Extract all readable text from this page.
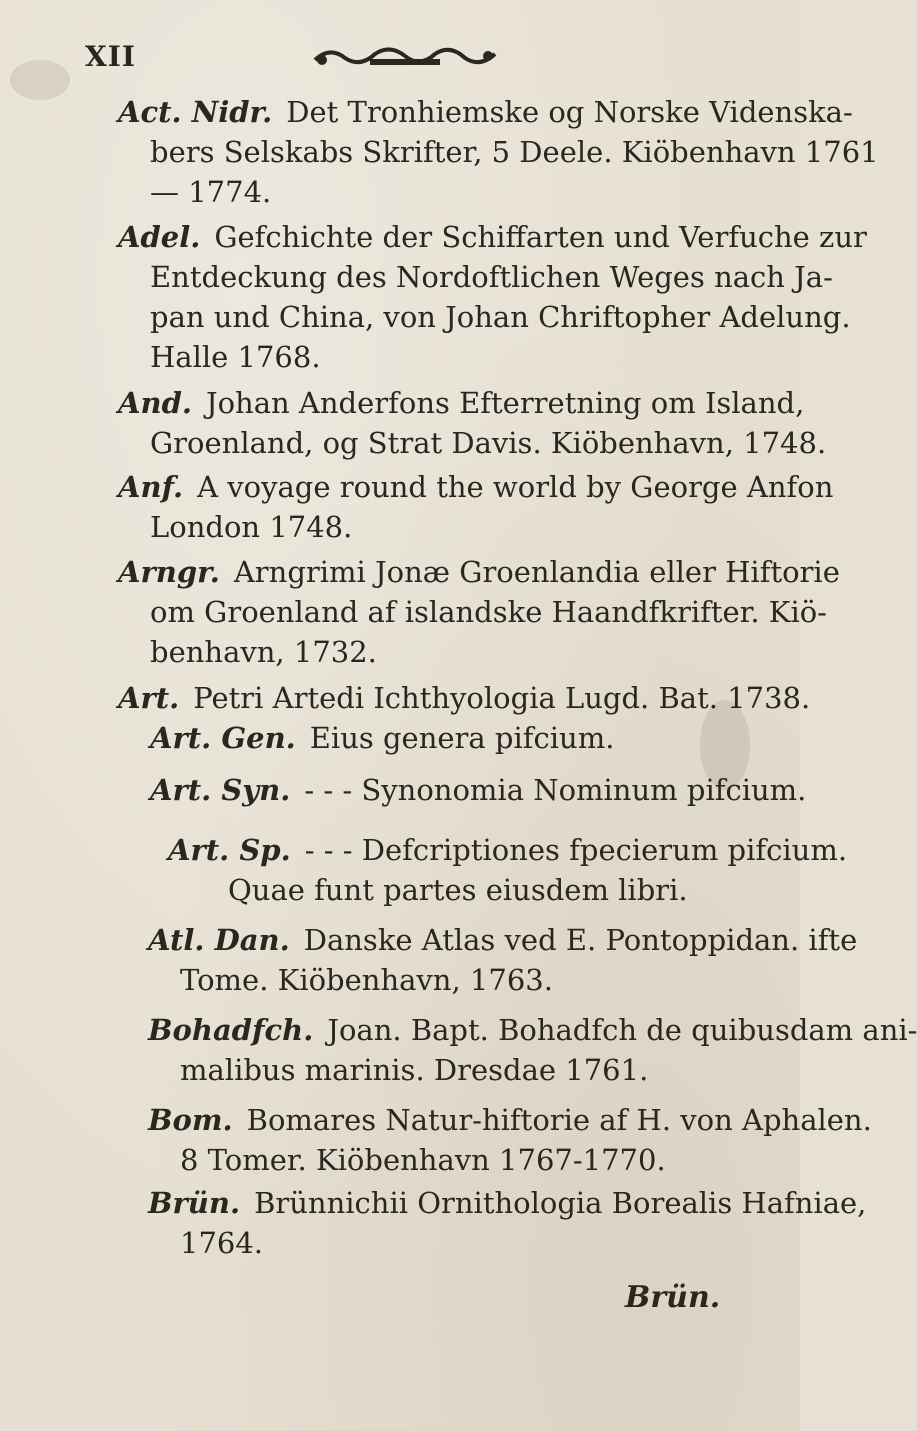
XII
Act. Nidr. Det Tronhiemske og Norske Videnska-
bers Selskabs Skrifter, 5 Deele. Kiöbenhavn 1761
— 1774.
Adel. Gefchichte der Schiffarten und Verfuche zur
Entdeckung des Nordoftlichen Weges nach Ja-
pan und China, von Johan Chriftopher Adelung.
Halle 1768.
And. Johan Anderfons Efterretning om Island,
Groenland, og Strat Davis. Kiöbenhavn, 1748.
Anf. A voyage round the world by George Anfon
London 1748.
Arngr. Arngrimi Jonæ Groenlandia eller Hiftorie
om Groenland af islandske Haandfkrifter. Kiö-
benhavn, 1732.
Art. Petri Artedi Ichthyologia Lugd. Bat. 1738.
Art. Gen. Eius genera pifcium.
Art. Syn. - - - Synonomia Nominum pifcium.
Art. Sp. - - - Defcriptiones fpecierum pifcium.
Quae funt partes eiusdem libri.
Atl. Dan. Danske Atlas ved E. Pontoppidan. ifte
Tome. Kiöbenhavn, 1763.
Bohadfch. Joan. Bapt. Bohadfch de quibusdam ani-
malibus marinis. Dresdae 1761.
Bom. Bomares Natur-hiftorie af H. von Aphalen.
8 Tomer. Kiöbenhavn 1767-1770.
Brün. Brünnichii Ornithologia Borealis Hafniae,
1764.
Brün.
